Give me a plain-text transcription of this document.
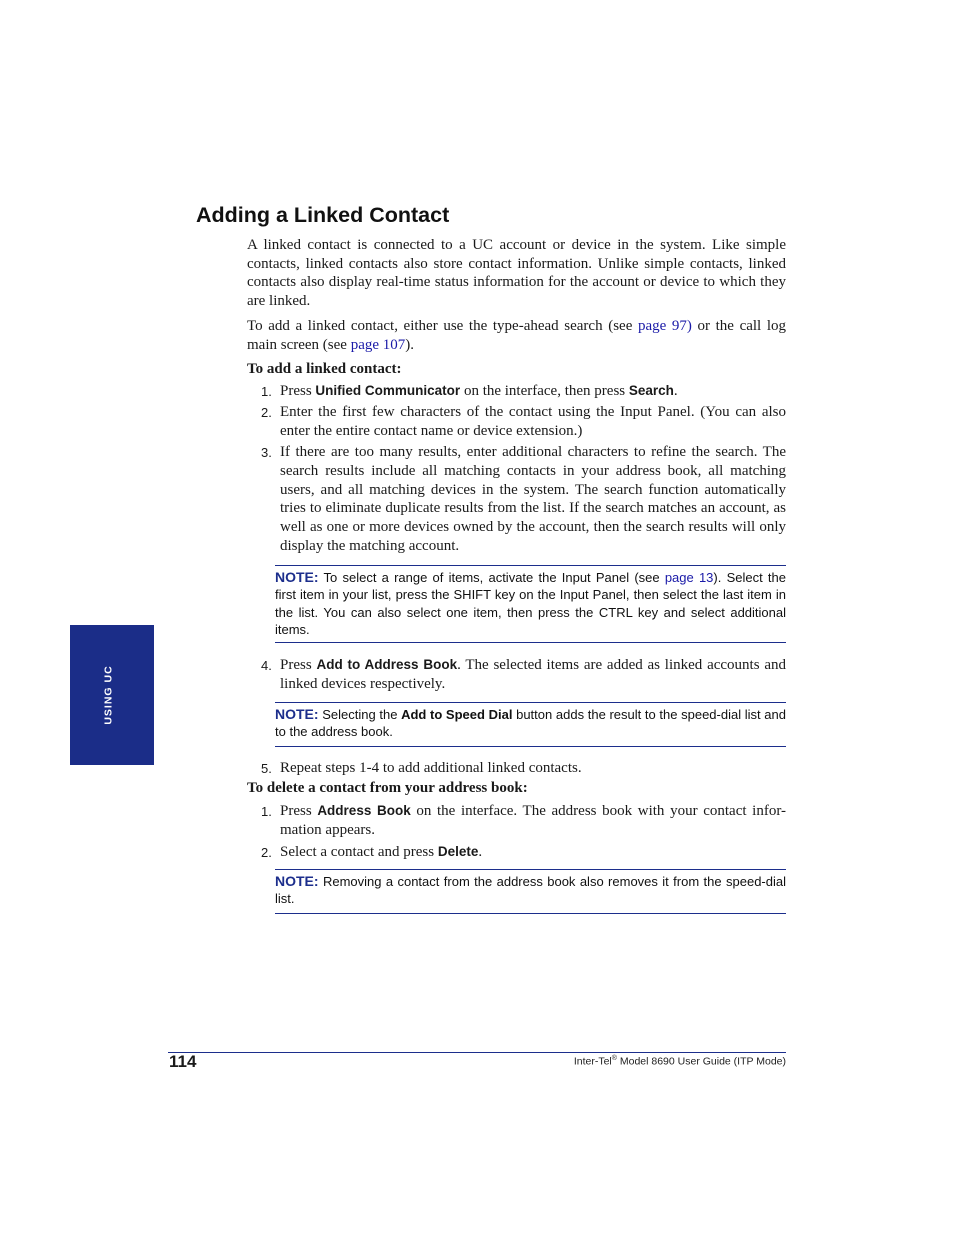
USING UC
Adding a Linked Contact
A linked contact is connected to a UC account or device in the system. Like simple contacts, linked contacts also store contact information. Unlike simple contacts, linked contacts also display real-time status information for the account or device to which they are linked.
To add a linked contact, either use the type-ahead search (see page 97) or the call log main screen (see page 107).
To add a linked contact:
1. Press Unified Communicator on the interface, then press Search.
2. Enter the first few characters of the contact using the Input Panel. (You can also enter the entire contact name or device extension.)
3. If there are too many results, enter additional characters to refine the search. The search results include all matching contacts in your address book, all matching users, and all matching devices in the system. The search function automatically tries to eliminate duplicate results from the list. If the search matches an account, as well as one or more devices owned by the account, then the search results will only display the matching account.
NOTE: To select a range of items, activate the Input Panel (see page 13). Select the first item in your list, press the SHIFT key on the Input Panel, then select the last item in the list. You can also select one item, then press the CTRL key and select additional items.
4. Press Add to Address Book. The selected items are added as linked accounts and linked devices respectively.
NOTE: Selecting the Add to Speed Dial button adds the result to the speed-dial list and to the address book.
5. Repeat steps 1-4 to add additional linked contacts.
To delete a contact from your address book:
1. Press Address Book on the interface. The address book with your contact infor-mation appears.
2. Select a contact and press Delete.
NOTE: Removing a contact from the address book also removes it from the speed-dial list.
114	Inter-Tel® Model 8690 User Guide (ITP Mode)
